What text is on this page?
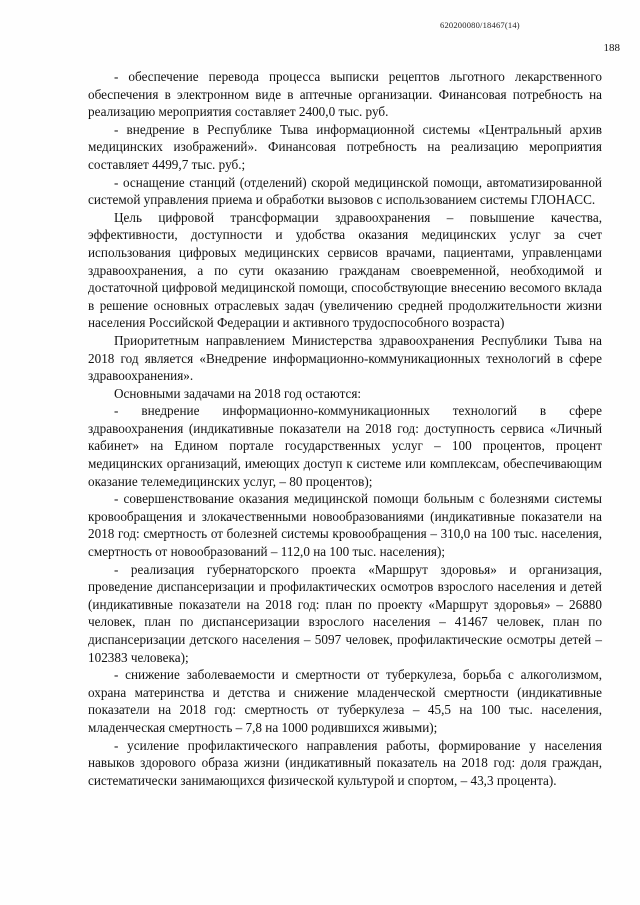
620200080/18467(14)
188

- обеспечение перевода процесса выписки рецептов льготного лекарственного обеспечения в электронном виде в аптечные организации. Финансовая потребность на реализацию мероприятия составляет 2400,0 тыс. руб.

- внедрение в Республике Тыва информационной системы «Центральный архив медицинских изображений». Финансовая потребность на реализацию мероприятия составляет 4499,7 тыс. руб.;

- оснащение станций (отделений) скорой медицинской помощи, автоматизированной системой управления приема и обработки вызовов с использованием системы ГЛОНАСС.

Цель цифровой трансформации здравоохранения – повышение качества, эффективности, доступности и удобства оказания медицинских услуг за счет использования цифровых медицинских сервисов врачами, пациентами, управленцами здравоохранения, а по сути оказанию гражданам своевременной, необходимой и достаточной цифровой медицинской помощи, способствующие внесению весомого вклада в решение основных отраслевых задач (увеличению средней продолжительности жизни населения Российской Федерации и активного трудоспособного возраста)

Приоритетным направлением Министерства здравоохранения Республики Тыва на 2018 год является «Внедрение информационно-коммуникационных технологий в сфере здравоохранения».

Основными задачами на 2018 год остаются:

- внедрение информационно-коммуникационных технологий в сфере здравоохранения (индикативные показатели на 2018 год: доступность сервиса «Личный кабинет» на Едином портале государственных услуг – 100 процентов, процент медицинских организаций, имеющих доступ к системе или комплексам, обеспечивающим оказание телемедицинских услуг, – 80 процентов);

- совершенствование оказания медицинской помощи больным с болезнями системы кровообращения и злокачественными новообразованиями (индикативные показатели на 2018 год: смертность от болезней системы кровообращения – 310,0 на 100 тыс. населения, смертность от новообразований – 112,0 на 100 тыс. населения);

- реализация губернаторского проекта «Маршрут здоровья» и организация, проведение диспансеризации и профилактических осмотров взрослого населения и детей (индикативные показатели на 2018 год: план по проекту «Маршрут здоровья» – 26880 человек, план по диспансеризации взрослого населения – 41467 человек, план по диспансеризации детского населения – 5097 человек, профилактические осмотры детей – 102383 человека);

- снижение заболеваемости и смертности от туберкулеза, борьба с алкоголизмом, охрана материнства и детства и снижение младенческой смертности (индикативные показатели на 2018 год: смертность от туберкулеза – 45,5 на 100 тыс. населения, младенческая смертность – 7,8 на 1000 родившихся живыми);

- усиление профилактического направления работы, формирование у населения навыков здорового образа жизни (индикативный показатель на 2018 год: доля граждан, систематически занимающихся физической культурой и спортом, – 43,3 процента).
